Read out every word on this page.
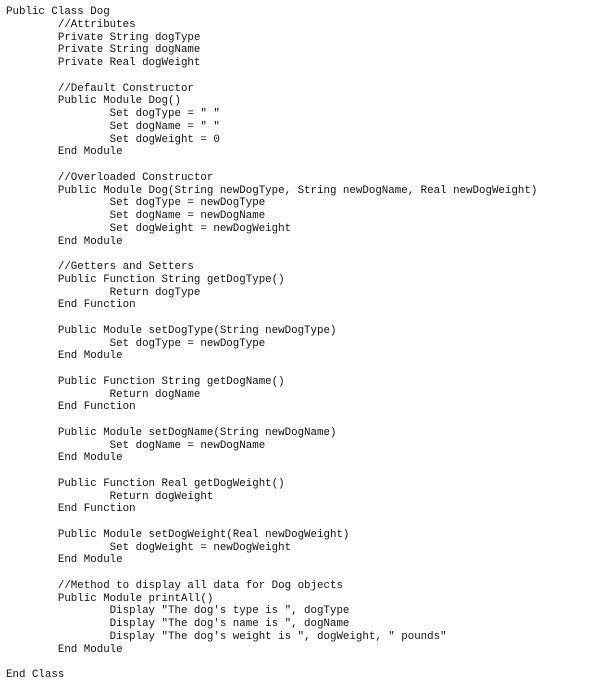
Public Class Dog
//Attributes
Private String dogType
Private String dogName
Private Real dogWeight
//Default Constructor
Public Module Dog()
Set dogType = " "
Set dogName = " "
Set dogWeight = 0
End Module
//Overloaded Constructor
Public Module Dog(String newDogType, String newDogName, Real newDogWeight)
Set dogType = newDogType
Set dogName = newDogName
Set dogWeight = newDogWeight
End Module
//Getters and Setters
Public Function String getDogType()
Return dogType
End Function
Public Module setDogType(String newDogType)
Set dogType = newDogType
End Module
Public Function String getDogName()
Return dogName
End Function
Public Module setDogName(String newDogName)
Set dogName = newDogName
End Module
Public Function Real getDogWeight()
Return dogWeight
End Function
Public Module setDogWeight(Real newDogWeight)
Set dogWeight = newDogWeight
End Module
//Method to display all data for Dog objects
Public Module printAll()
Display "The dog's type is ", dogType
Display "The dog's name is ", dogName
Display "The dog's weight is ", dogWeight, " pounds"
End Module
End Class
